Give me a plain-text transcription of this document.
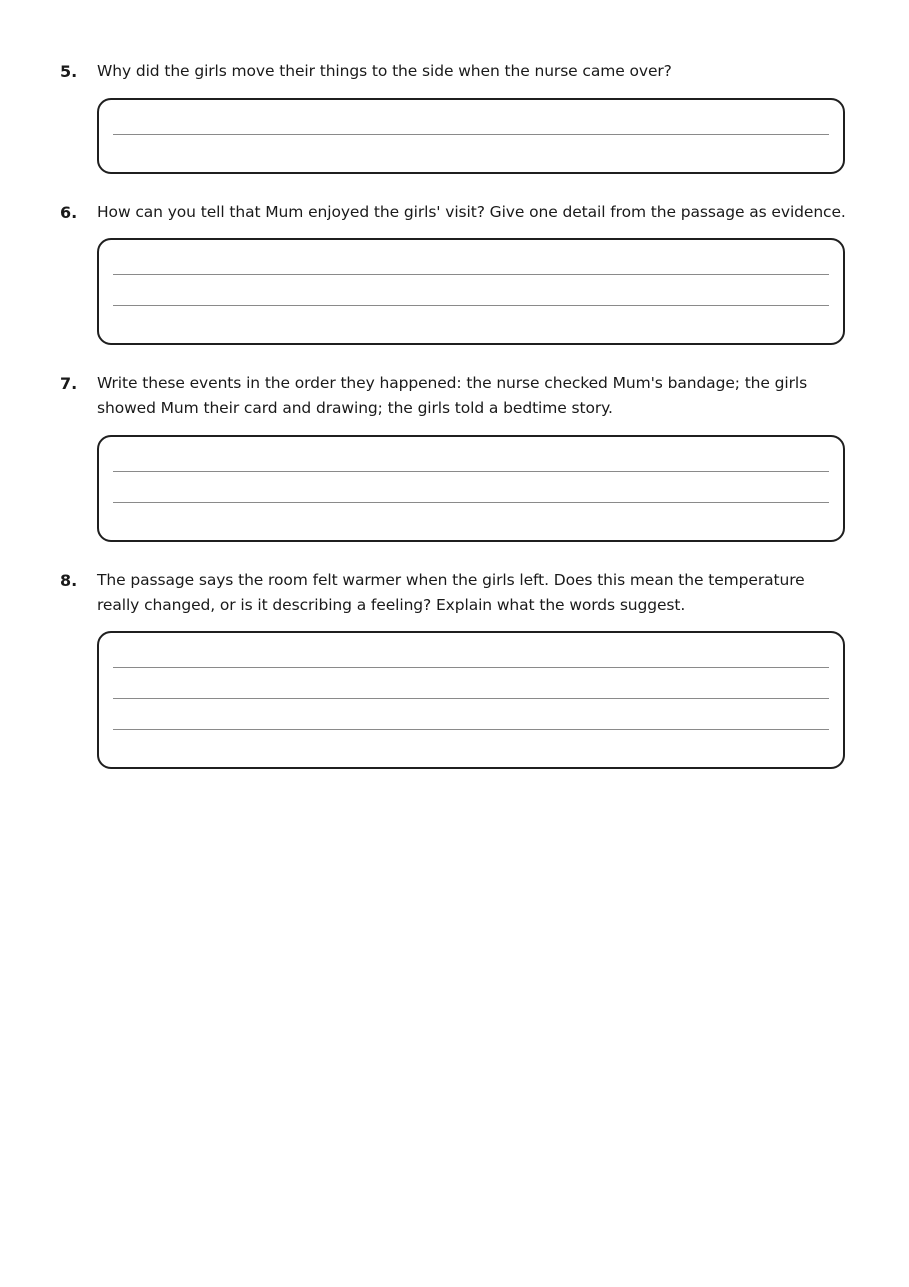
5. Why did the girls move their things to the side when the nurse came over?
6. How can you tell that Mum enjoyed the girls' visit? Give one detail from the passage as evidence.
7. Write these events in the order they happened: the nurse checked Mum's bandage; the girls showed Mum their card and drawing; the girls told a bedtime story.
8. The passage says the room felt warmer when the girls left. Does this mean the temperature really changed, or is it describing a feeling? Explain what the words suggest.
